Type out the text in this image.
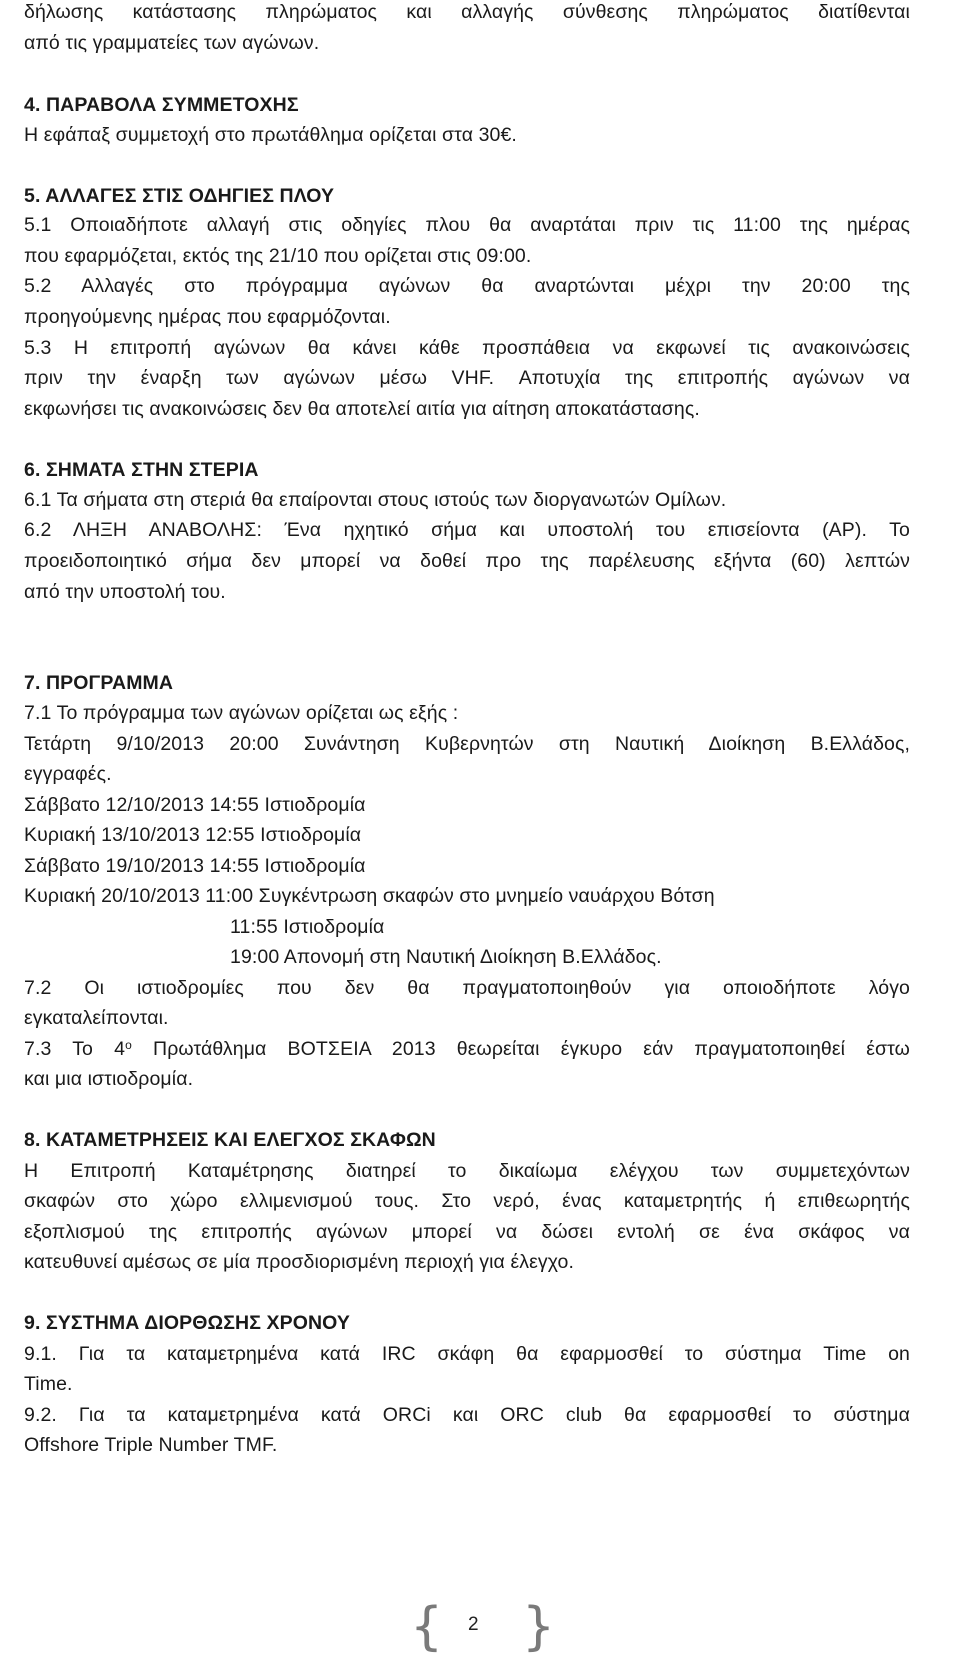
δήλωσης κατάστασης πληρώματος και αλλαγής σύνθεσης πληρώματος διατίθενται
από τις γραμματείες των αγώνων.
4. ΠΑΡΑΒΟΛΑ ΣΥΜΜΕΤΟΧΗΣ
Η εφάπαξ συμμετοχή στο πρωτάθλημα ορίζεται στα 30€.
5. ΑΛΛΑΓΕΣ ΣΤΙΣ ΟΔΗΓΙΕΣ ΠΛΟΥ
5.1 Οποιαδήποτε αλλαγή στις οδηγίες πλου θα αναρτάται πριν τις 11:00 της ημέρας
που εφαρμόζεται, εκτός της 21/10 που ορίζεται στις 09:00.
5.2 Αλλαγές στο πρόγραμμα αγώνων θα αναρτώνται μέχρι την 20:00 της
προηγούμενης ημέρας που εφαρμόζονται.
5.3 Η επιτροπή αγώνων θα κάνει κάθε προσπάθεια να εκφωνεί τις ανακοινώσεις
πριν την έναρξη των αγώνων μέσω VHF. Αποτυχία της επιτροπής αγώνων να
εκφωνήσει τις ανακοινώσεις δεν θα αποτελεί αιτία για αίτηση αποκατάστασης.
6. ΣΗΜΑΤΑ ΣΤΗΝ ΣΤΕΡΙΑ
6.1 Τα σήματα στη στεριά θα επαίρονται στους ιστούς των διοργανωτών Ομίλων.
6.2 ΛΗΞΗ ΑΝΑΒΟΛΗΣ: Ένα ηχητικό σήμα και υποστολή του επισείοντα (ΑΡ). Το
προειδοποιητικό σήμα δεν μπορεί να δοθεί προ της παρέλευσης εξήντα (60) λεπτών
από την υποστολή του.
7. ΠΡΟΓΡΑΜΜΑ
7.1 Το πρόγραμμα των αγώνων ορίζεται ως εξής :
Τετάρτη 9/10/2013 20:00 Συνάντηση Κυβερνητών στη Ναυτική Διοίκηση Β.Ελλάδος,
εγγραφές.
Σάββατο 12/10/2013 14:55 Ιστιοδρομία
Κυριακή 13/10/2013 12:55 Ιστιοδρομία
Σάββατο 19/10/2013 14:55 Ιστιοδρομία
Κυριακή 20/10/2013 11:00 Συγκέντρωση σκαφών στο μνημείο ναυάρχου Βότση
11:55 Ιστιοδρομία
19:00 Απονομή στη Ναυτική Διοίκηση Β.Ελλάδος.
7.2 Οι ιστιοδρομίες που δεν θα πραγματοποιηθούν για οποιοδήποτε λόγο
εγκαταλείπονται.
7.3 Το $4^o$ Πρωτάθλημα ΒΟΤΣΕΙΑ 2013 θεωρείται έγκυρο εάν πραγματοποιηθεί έστω
και μια ιστιοδρομία.
8. ΚΑΤΑΜΕΤΡΗΣΕΙΣ ΚΑΙ ΕΛΕΓΧΟΣ ΣΚΑΦΩΝ
Η Επιτροπή Καταμέτρησης διατηρεί το δικαίωμα ελέγχου των συμμετεχόντων
σκαφών στο χώρο ελλιμενισμού τους. Στο νερό, ένας καταμετρητής ή επιθεωρητής
εξοπλισμού της επιτροπής αγώνων μπορεί να δώσει εντολή σε ένα σκάφος να
κατευθυνεί αμέσως σε μία προσδιορισμένη περιοχή για έλεγχο.
9. ΣΥΣΤΗΜΑ ΔΙΟΡΘΩΣΗΣ ΧΡΟΝΟΥ
9.1. Για τα καταμετρημένα κατά IRC σκάφη θα εφαρμοσθεί το σύστημα Time on
Time.
9.2. Για τα καταμετρημένα κατά ORCi και ORC club θα εφαρμοσθεί το σύστημα
Offshore Triple Number TMF.
{ 2 }
